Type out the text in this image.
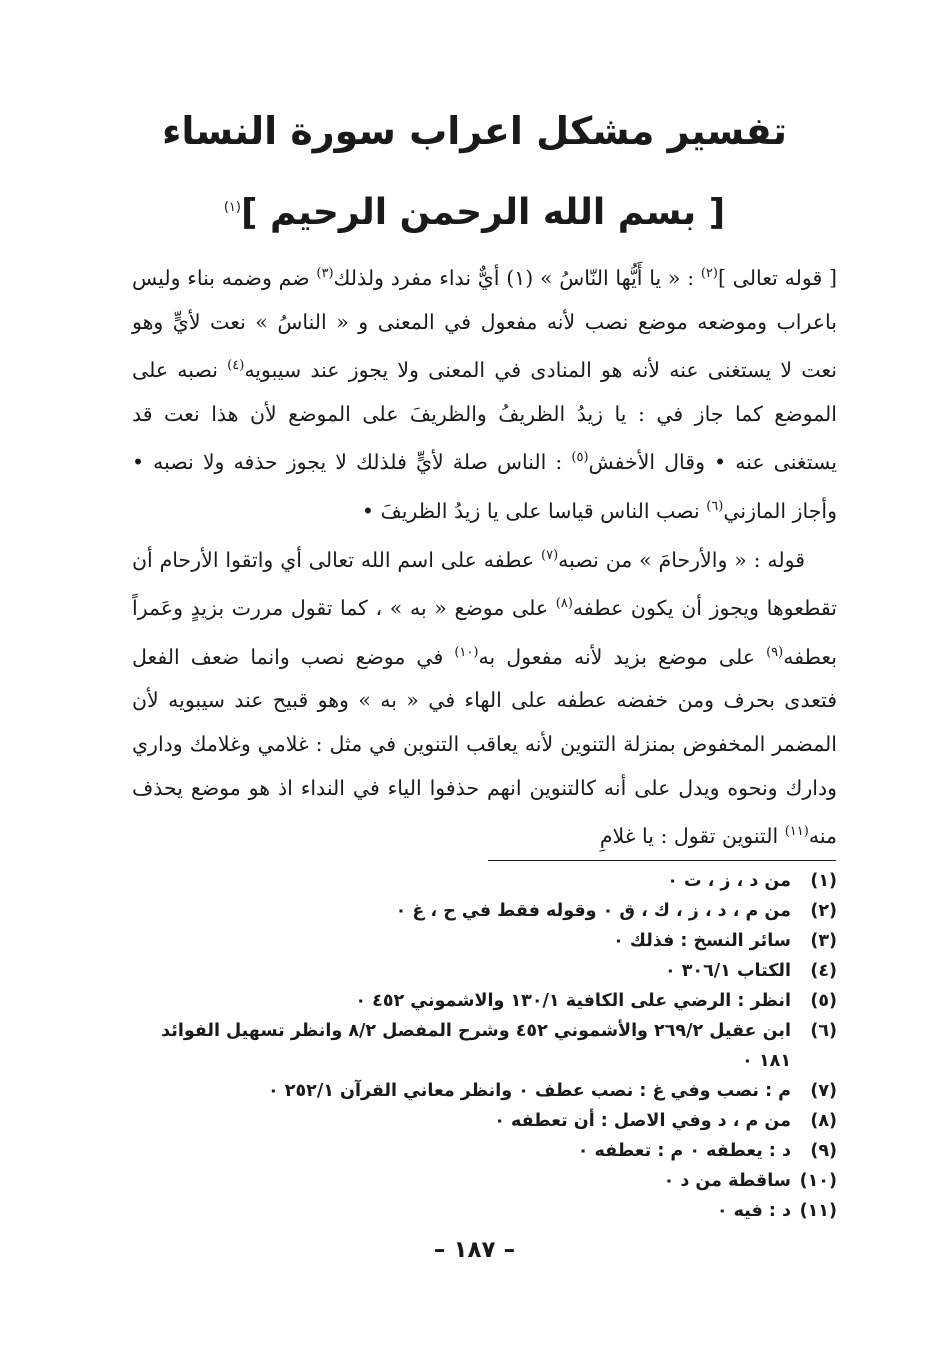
تفسير مشكل اعراب سورة النساء
[ بسم الله الرحمن الرحيم ]$^{(١)}$

[ قوله تعالى ]$^{(٢)}$ : « يا أَيُّها النّاسُ » (١) أيٌّ نداء مفرد ولذلك$^{(٣)}$ ضم وضمه بناء وليس باعراب وموضعه موضع نصب لأنه مفعول في المعنى و « الناسُ » نعت لأيٍّ وهو نعت لا يستغنى عنه لأنه هو المنادى في المعنى ولا يجوز عند سيبويه$^{(٤)}$ نصبه على الموضع كما جاز في : يا زيدُ الظريفُ والظريفَ على الموضع لأن هذا نعت قد يستغنى عنه • وقال الأخفش$^{(٥)}$ : الناس صلة لأيٍّ فلذلك لا يجوز حذفه ولا نصبه • وأجاز المازني$^{(٦)}$ نصب الناس قياسا على يا زيدُ الظريفَ •

قوله : « والأرحامَ » من نصبه$^{(٧)}$ عطفه على اسم الله تعالى أي واتقوا الأرحام أن تقطعوها ويجوز أن يكون عطفه$^{(٨)}$ على موضع « به » ، كما تقول مررت بزيدٍ وعَمراً بعطفه$^{(٩)}$ على موضع بزيد لأنه مفعول به$^{(١٠)}$ في موضع نصب وانما ضعف الفعل فتعدى بحرف ومن خفضه عطفه على الهاء في « به » وهو قبيح عند سيبويه لأن المضمر المخفوض بمنزلة التنوين لأنه يعاقب التنوين في مثل : غلامي وغلامك وداري ودارك ونحوه ويدل على أنه كالتنوين انهم حذفوا الياء في النداء اذ هو موضع يحذف منه$^{(١١)}$ التنوين تقول : يا غلامِ

(١)
من د ، ز ، ت ٠
(٢)
من م ، د ، ز ، ك ، ق ٠ وقوله فقط في ح ، غ ٠
(٣)
سائر النسخ : فذلك ٠
(٤)
الكتاب ٣٠٦/١ ٠
(٥)
انظر : الرضي على الكافية ١٣٠/١ والاشموني ٤٥٢ ٠
(٦)
ابن عقيل ٢٦٩/٢ والأشموني ٤٥٢ وشرح المفصل ٨/٢ وانظر تسهيل الفوائد ١٨١ ٠
(٧)
م : نصب وفي غ : نصب عطف ٠ وانظر معاني القرآن ٢٥٢/١ ٠
(٨)
من م ، د وفي الاصل : أن تعطفه ٠
(٩)
د : يعطفه ٠ م : تعطفه ٠
(١٠)
ساقطة من د ٠
(١١)
د : فيه ٠
– ١٨٧ –
